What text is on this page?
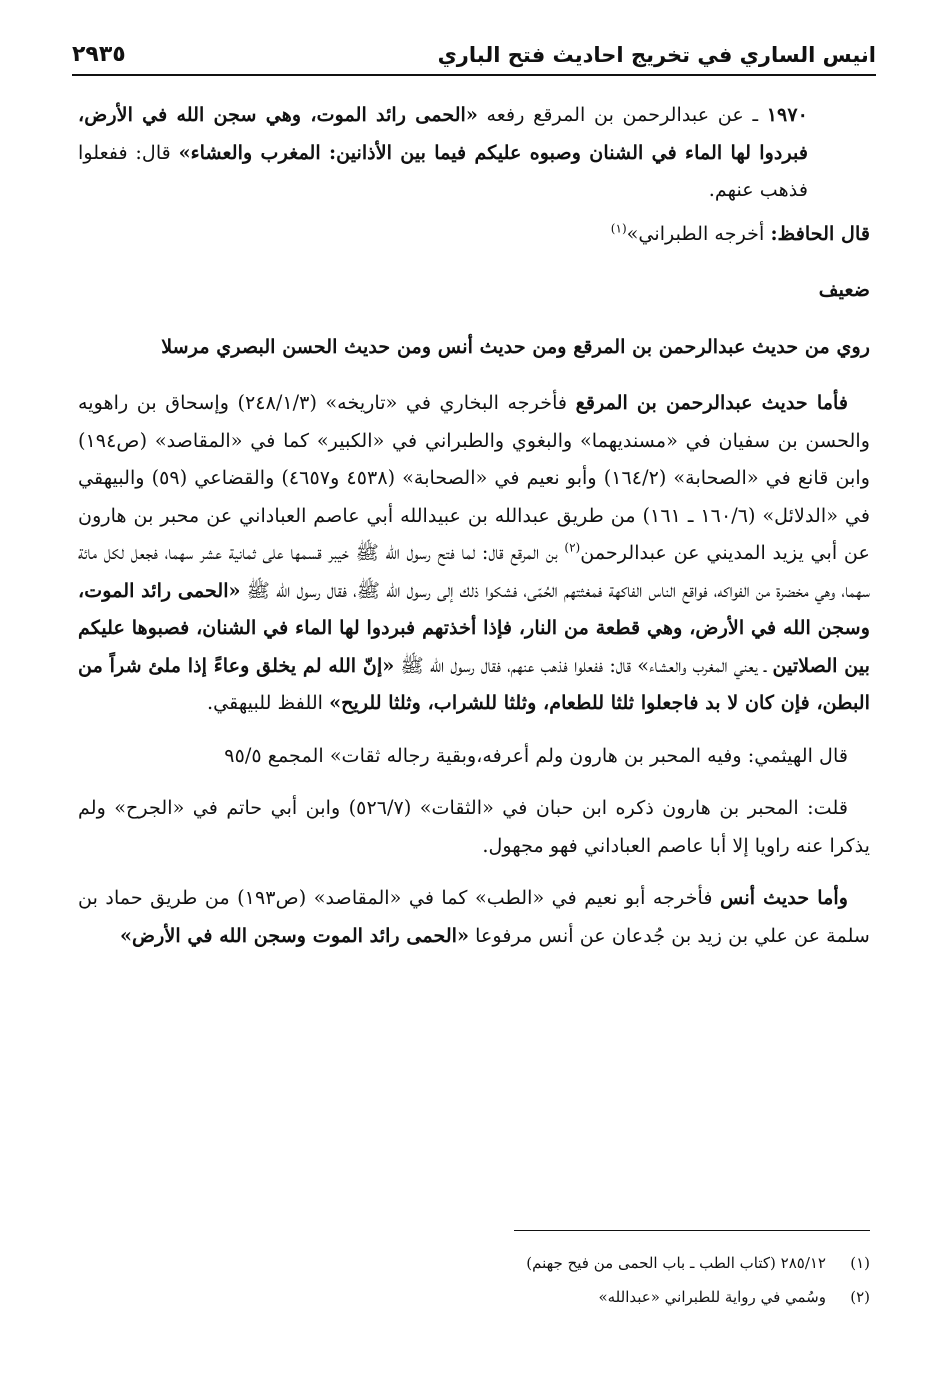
انيس الساري في تخريج احاديث فتح الباري
٢٩٣٥

١٩٧٠ ـ عن عبدالرحمن بن المرقع رفعه «الحمى رائد الموت، وهي سجن الله في الأرض، فبردوا لها الماء في الشنان وصبوه عليكم فيما بين الأذانين: المغرب والعشاء» قال: ففعلوا فذهب عنهم.

قال الحافظ: أخرجه الطبراني»$^{(١)}$

ضعيف

روي من حديث عبدالرحمن بن المرقع ومن حديث أنس ومن حديث الحسن البصري مرسلا

فأما حديث عبدالرحمن بن المرقع فأخرجه البخاري في «تاريخه» (٢٤٨/١/٣) وإسحاق بن راهويه والحسن بن سفيان في «مسنديهما» والبغوي والطبراني في «الكبير» كما في «المقاصد» (ص١٩٤) وابن قانع في «الصحابة» (١٦٤/٢) وأبو نعيم في «الصحابة» (٤٥٣٨ و٤٦٥٧) والقضاعي (٥٩) والبيهقي في «الدلائل» (١٦٠/٦ ـ ١٦١) من طريق عبدالله بن عبيدالله أبي عاصم العباداني عن محبر بن هارون عن أبي يزيد المديني عن عبدالرحمن$^{(٢)}$ بن المرقع قال: لما فتح رسول الله ﷺ خيبر قسمها على ثمانية عشر سهما، فجعل لكل مائة سهما، وهي مخضرة من الفواكه، فواقع الناس الفاكهة فمغثتهم الحُمّى، فشكوا ذلك إلى رسول الله ﷺ، فقال رسول الله ﷺ «الحمى رائد الموت، وسجن الله في الأرض، وهي قطعة من النار، فإذا أخذتهم فبردوا لها الماء في الشنان، فصبوها عليكم بين الصلاتين ـ يعني المغرب والعشاء» قال: ففعلوا فذهب عنهم، فقال رسول الله ﷺ «إنّ الله لم يخلق وعاءً إذا ملئ شراً من البطن، فإن كان لا بد فاجعلوا ثلثا للطعام، وثلثا للشراب، وثلثا للريح» اللفظ للبيهقي.

قال الهيثمي: وفيه المحبر بن هارون ولم أعرفه،وبقية رجاله ثقات» المجمع ٩٥/٥

قلت: المحبر بن هارون ذكره ابن حبان في «الثقات» (٥٢٦/٧) وابن أبي حاتم في «الجرح» ولم يذكرا عنه راويا إلا أبا عاصم العباداني فهو مجهول.

وأما حديث أنس فأخرجه أبو نعيم في «الطب» كما في «المقاصد» (ص١٩٣) من طريق حماد بن سلمة عن علي بن زيد بن جُدعان عن أنس مرفوعا «الحمى رائد الموت وسجن الله في الأرض»

(١)٢٨٥/١٢ (كتاب الطب ـ باب الحمى من فيح جهنم)

(٢)وسُمي في رواية للطبراني «عبدالله»
